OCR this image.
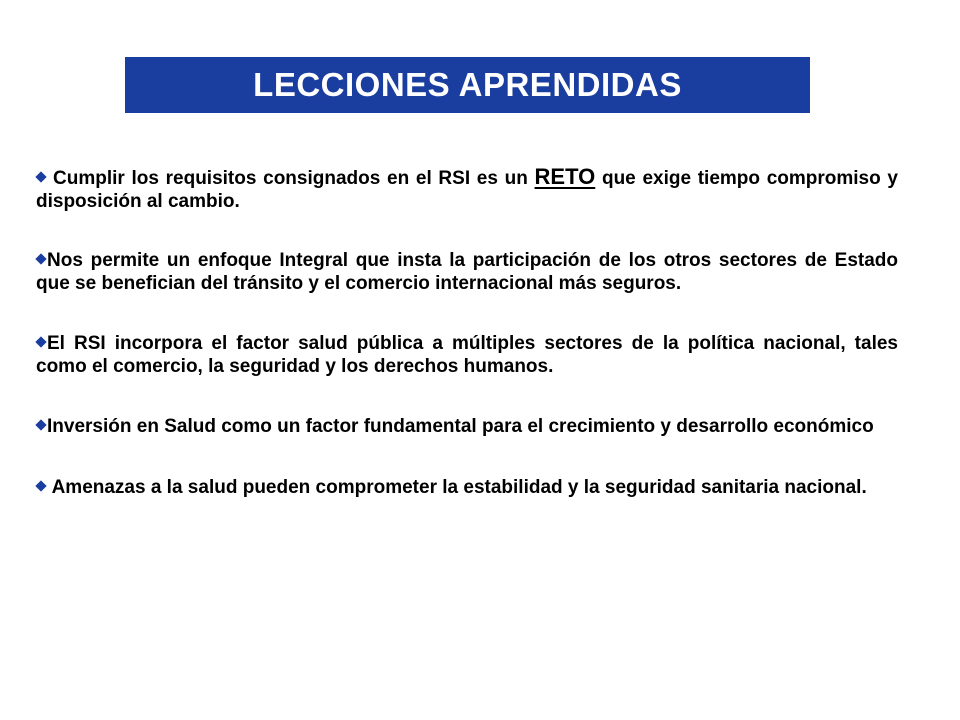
LECCIONES APRENDIDAS
Cumplir los requisitos consignados en el RSI es un RETO que exige tiempo compromiso y disposición al cambio.
Nos permite un enfoque Integral que insta la participación de los otros sectores de Estado que se benefician del tránsito y el comercio internacional más seguros.
El RSI incorpora el factor salud pública a múltiples sectores de la política nacional, tales como el comercio, la seguridad y los derechos humanos.
Inversión en Salud como un factor fundamental para el crecimiento y desarrollo económico
Amenazas a la salud pueden comprometer la estabilidad y la seguridad sanitaria nacional.
